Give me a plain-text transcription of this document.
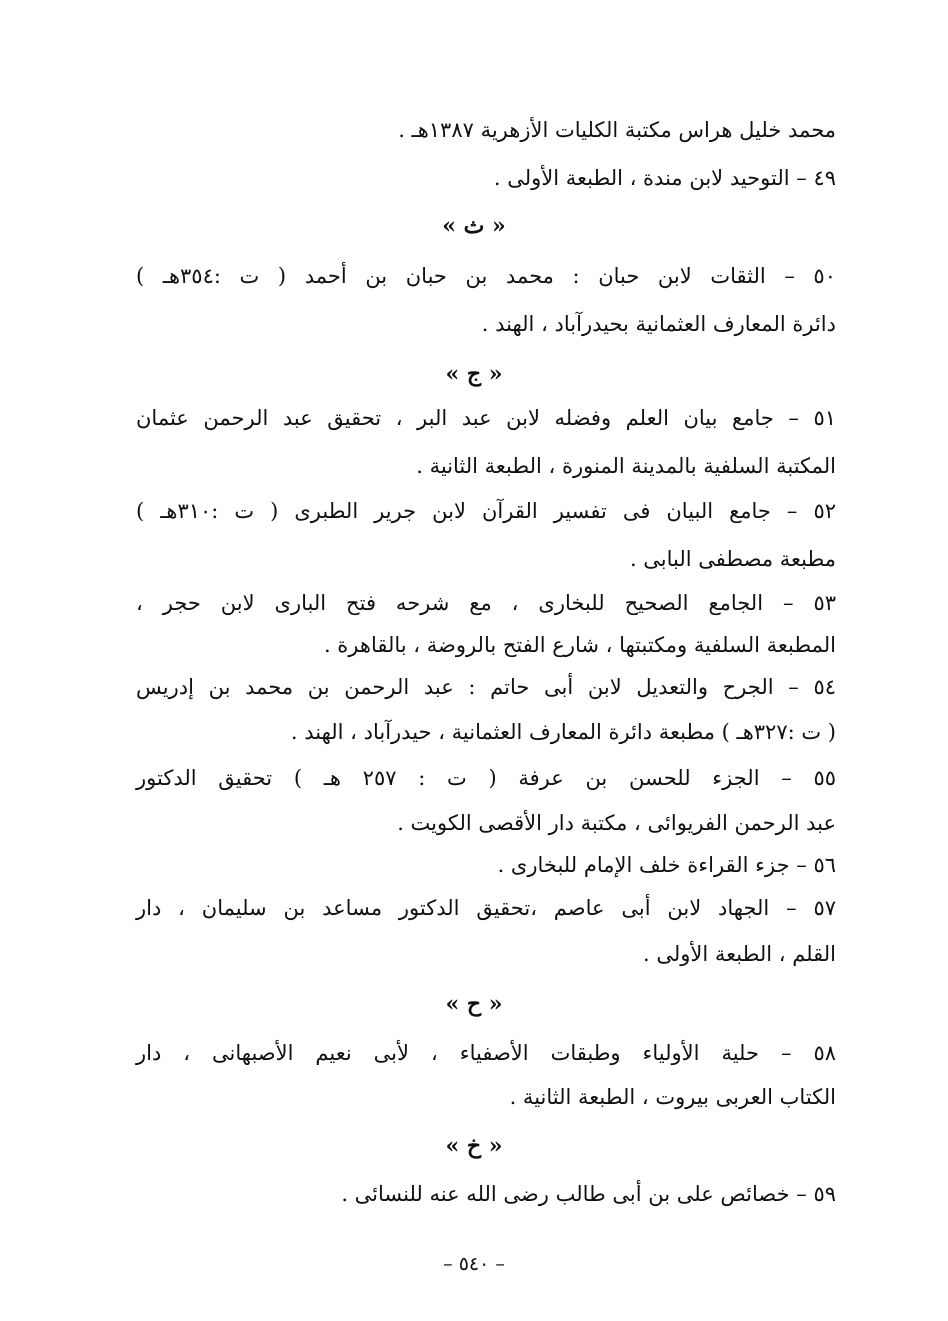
محمد خليل هراس مكتبة الكليات الأزهرية ١٣٨٧هـ .
٤٩ – التوحيد لابن مندة ، الطبعة الأولى .
« ث »
٥٠ – الثقات لابن حبان : محمد بن حبان بن أحمد ( ت :٣٥٤هـ )
دائرة المعارف العثمانية بحيدرآباد ، الهند .
« ج »
٥١ – جامع بيان العلم وفضله لابن عبد البر ، تحقيق عبد الرحمن عثمان
المكتبة السلفية بالمدينة المنورة ، الطبعة الثانية .
٥٢ – جامع البيان فى تفسير القرآن لابن جرير الطبرى ( ت :٣١٠هـ )
مطبعة مصطفى البابى .
٥٣ – الجامع الصحيح للبخارى ، مع شرحه فتح البارى لابن حجر ،
المطبعة السلفية ومكتبتها ، شارع الفتح بالروضة ، بالقاهرة .
٥٤ – الجرح والتعديل لابن أبى حاتم : عبد الرحمن بن محمد بن إدريس
( ت :٣٢٧هـ ) مطبعة دائرة المعارف العثمانية ، حيدرآباد ، الهند .
٥٥ – الجزء للحسن بن عرفة ( ت : ٢٥٧ هـ ) تحقيق الدكتور
عبد الرحمن الفريوائى ، مكتبة دار الأقصى الكويت .
٥٦ – جزء القراءة خلف الإمام للبخارى .
٥٧ – الجهاد لابن أبى عاصم ،تحقيق الدكتور مساعد بن سليمان ، دار
القلم ، الطبعة الأولى .
« ح »
٥٨ – حلية الأولياء وطبقات الأصفياء ، لأبى نعيم الأصبهانى ، دار
الكتاب العربى بيروت ، الطبعة الثانية .
« خ »
٥٩ – خصائص على بن أبى طالب رضى الله عنه للنسائى .
– ٥٤٠ –
